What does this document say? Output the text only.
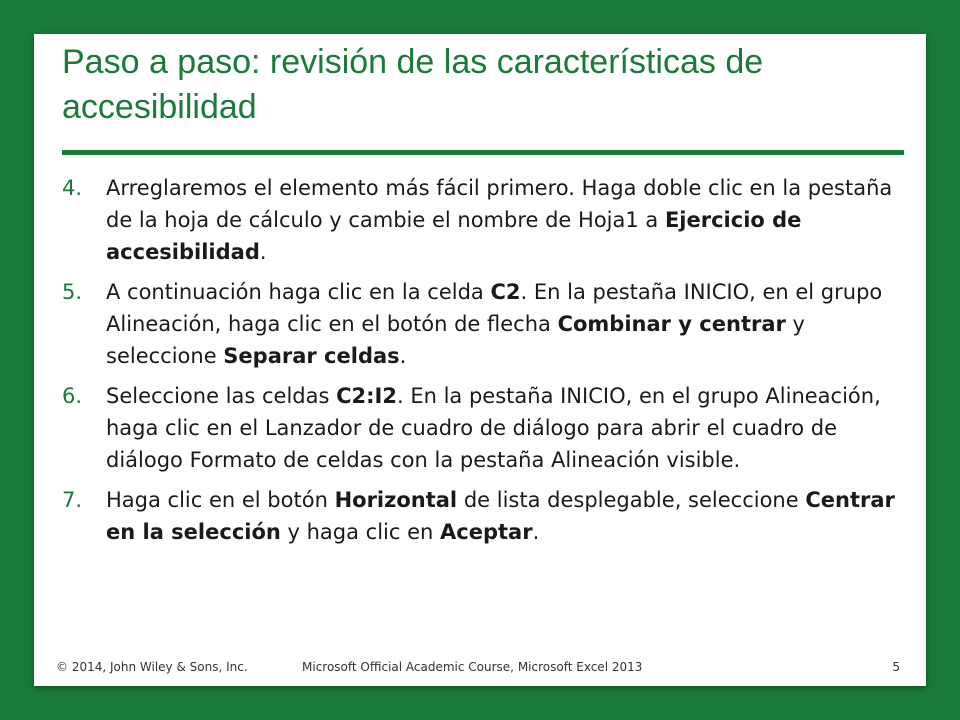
Paso a paso: revisión de las características de accesibilidad
4. Arreglaremos el elemento más fácil primero. Haga doble clic en la pestaña de la hoja de cálculo y cambie el nombre de Hoja1 a Ejercicio de accesibilidad.
5. A continuación haga clic en la celda C2. En la pestaña INICIO, en el grupo Alineación, haga clic en el botón de flecha Combinar y centrar y seleccione Separar celdas.
6. Seleccione las celdas C2:I2. En la pestaña INICIO, en el grupo Alineación, haga clic en el Lanzador de cuadro de diálogo para abrir el cuadro de diálogo Formato de celdas con la pestaña Alineación visible.
7. Haga clic en el botón Horizontal de lista desplegable, seleccione Centrar en la selección y haga clic en Aceptar.
© 2014, John Wiley & Sons, Inc.	Microsoft Official Academic Course, Microsoft Excel 2013	5
